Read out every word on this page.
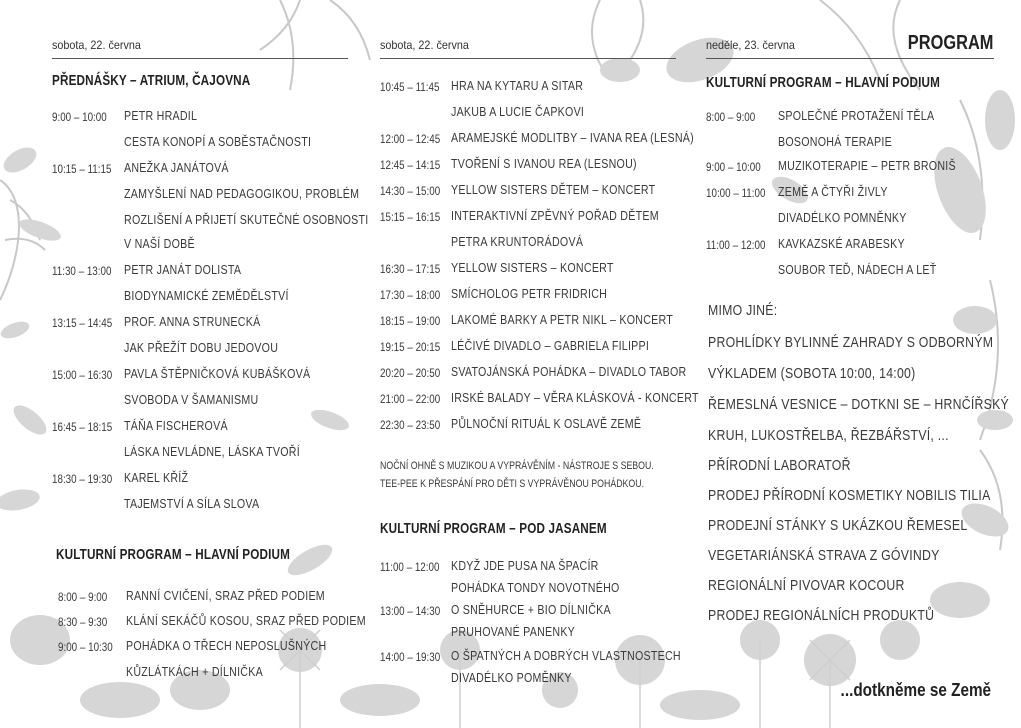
PROGRAM
sobota, 22. června
PŘEDNÁŠKY – ATRIUM, ČAJOVNA
9:00 – 10:00 PETR HRADIL
CESTA KONOPÍ A SOBĚSTAČNOSTI
10:15 – 11:15 ANEŽKA JANÁTOVÁ
ZAMYŠLENÍ NAD PEDAGOGIKOU, PROBLÉM
ROZLIŠENÍ A PŘIJETÍ SKUTEČNÉ OSOBNOSTI
V NAŠÍ DOBĚ
11:30 – 13:00 PETR JANÁT DOLISTA
BIODYNAMICKÉ ZEMĚDĚLSTVÍ
13:15 – 14:45 PROF. ANNA STRUNECKÁ
JAK PŘEŽÍT DOBU JEDOVOU
15:00 – 16:30 PAVLA ŠTĚPNIČKOVÁ KUBÁŠKOVÁ
SVOBODA V ŠAMANISMU
16:45 – 18:15 TÁŇA FISCHEROVÁ
LÁSKA NEVLÁDNE, LÁSKA TVOŘÍ
18:30 – 19:30 KAREL KŘÍŽ
TAJEMSTVÍ A SÍLA SLOVA
KULTURNÍ PROGRAM – HLAVNÍ PODIUM
8:00 – 9:00 RANNÍ CVIČENÍ, SRAZ PŘED PODIEM
8:30 – 9:30 KLÁNÍ SEKÁČŮ KOSOU, SRAZ PŘED PODIEM
9:00 – 10:30 POHÁDKA O TŘECH NEPOSLUŠNÝCH
KŮZLÁTKÁCH + DÍLNIČKA
sobota, 22. června
10:45 – 11:45 HRA NA KYTARU A SITAR
JAKUB A LUCIE ČAPKOVI
12:00 – 12:45 ARAMEJSKÉ MODLITBY – IVANA REA (LESNÁ)
12:45 – 14:15 TVOŘENÍ S IVANOU REA (LESNOU)
14:30 – 15:00 YELLOW SISTERS DĚTEM – KONCERT
15:15 – 16:15 INTERAKTIVNÍ ZPĚVNÝ POŘAD DĚTEM
PETRA KRUNTORÁDOVÁ
16:30 – 17:15 YELLOW SISTERS – KONCERT
17:30 – 18:00 SMÍCHOLOG PETR FRIDRICH
18:15 – 19:00 LAKOMÉ BARKY A PETR NIKL – KONCERT
19:15 – 20:15 LÉČIVÉ DIVADLO – GABRIELA FILIPPI
20:20 – 20:50 SVATOJÁNSKÁ POHÁDKA – DIVADLO TABOR
21:00 – 22:00 IRSKÉ BALADY – VĚRA KLÁSKOVÁ - KONCERT
22:30 – 23:50 PŮLNOČNÍ RITUÁL K OSLAVĚ ZEMĚ
NOČNÍ OHNĚ S MUZIKOU A VYPRÁVĚNÍM - NÁSTROJE S SEBOU.
TEE-PEE K PŘESPÁNÍ PRO DĚTI S VYPRÁVĚNOU POHÁDKOU.
KULTURNÍ PROGRAM – POD JASANEM
11:00 – 12:00 KDYŽ JDE PUSA NA ŠPACÍR
POHÁDKA TONDY NOVOTNÉHO
13:00 – 14:30 O SNĚHURCE + BIO DÍLNIČKA
PRUHOVANÉ PANENKY
14:00 – 19:30 O ŠPATNÝCH A DOBRÝCH VLASTNOSTECH
DIVADÉLKO POMĚNKY
neděle, 23. června
KULTURNÍ PROGRAM – HLAVNÍ PODIUM
8:00 – 9:00 SPOLEČNÉ PROTAŽENÍ TĚLA
BOSONOHÁ TERAPIE
9:00 – 10:00 MUZIKOTERAPIE – PETR BRONIŠ
10:00 – 11:00 ZEMĚ A ČTYŘI ŽIVLY
DIVADÉLKO POMNĚNKY
11:00 – 12:00 KAVKAZSKÉ ARABESKY
SOUBOR TEĎ, NÁDECH A LEŤ
MIMO JINÉ:
PROHLÍDKY BYLINNÉ ZAHRADY S ODBORNÝM
VÝKLADEM (SOBOTA 10:00, 14:00)
ŘEMESLNÁ VESNICE – DOTKNI SE – HRNČÍŘSKÝ
KRUH, LUKOSTŘELBA, ŘEZBÁŘSTVÍ, ...
PŘÍRODNÍ LABORATOŘ
PRODEJ PŘÍRODNÍ KOSMETIKY NOBILIS TILIA
PRODEJNÍ STÁNKY S UKÁZKOU ŘEMESEL
VEGETARIÁNSKÁ STRAVA Z GÓVINDY
REGIONÁLNÍ PIVOVAR KOCOUR
PRODEJ REGIONÁLNÍCH PRODUKTŮ
...dotkněme se Země
